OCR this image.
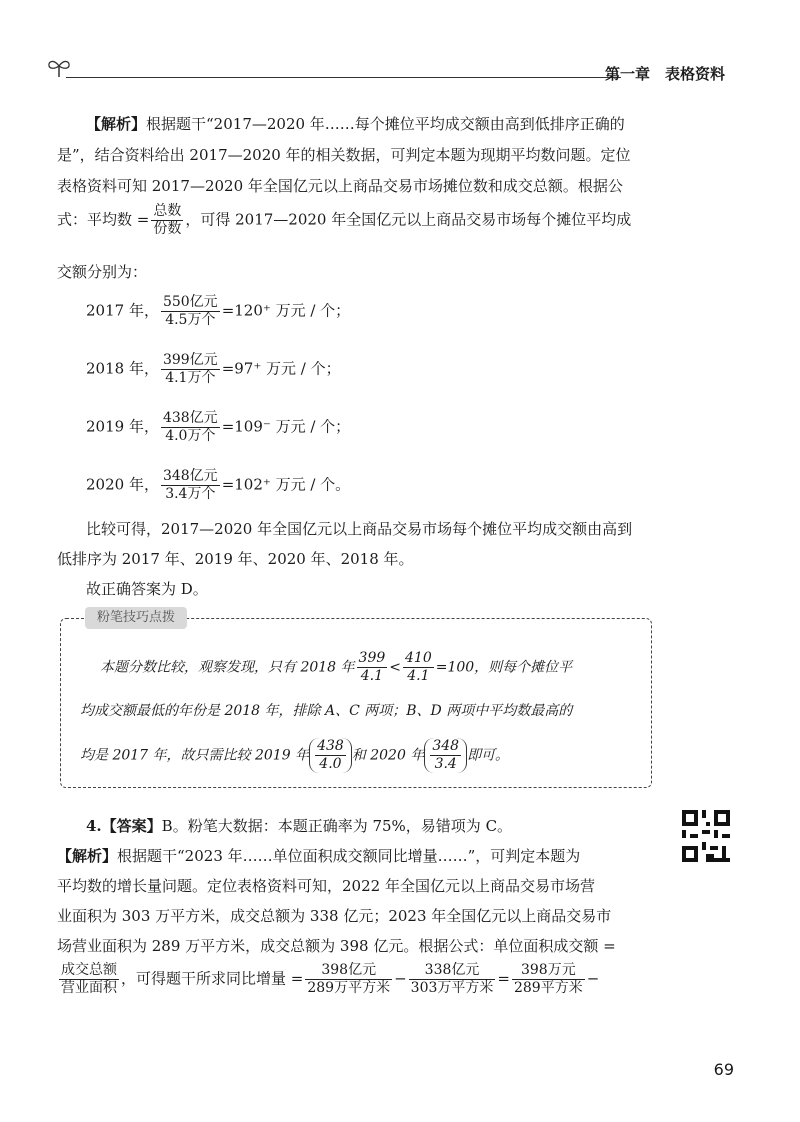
第一章　表格资料
【解析】根据题干“2017—2020 年……每个摊位平均成交额由高到低排序正确的
是”，结合资料给出 2017—2020 年的相关数据，可判定本题为现期平均数问题。定位
表格资料可知 2017—2020 年全国亿元以上商品交易市场摊位数和成交总额。根据公
式：平均数 = $\frac{\text{总数}}{\text{份数}}$ ，可得 2017—2020 年全国亿元以上商品交易市场每个摊位平均成
交额分别为：
2017 年， $\frac{\text{550亿元}}{\text{4.5万个}} =120^+$ 万元 / 个；
2018 年， $\frac{\text{399亿元}}{\text{4.1万个}} =97^+$ 万元 / 个；
2019 年， $\frac{\text{438亿元}}{\text{4.0万个}} =109^-$ 万元 / 个；
2020 年， $\frac{\text{348亿元}}{\text{3.4万个}} =102^+$ 万元 / 个。
比较可得，2017—2020 年全国亿元以上商品交易市场每个摊位平均成交额由高到
低排序为 2017 年、2019 年、2020 年、2018 年。
故正确答案为 D。
粉笔技巧点拨
本题分数比较，观察发现，只有 2018 年 $\frac{399}{4.1} < \frac{410}{4.1} =100$，则每个摊位平
均成交额最低的年份是 2018 年，排除 A、C 两项；B、D 两项中平均数最高的
均是 2017 年，故只需比较 2019 年 $\frac{438}{4.0}$ 和 2020 年 $\frac{348}{3.4}$ 即可。
4.【答案】B。粉笔大数据：本题正确率为 75%，易错项为 C。
【解析】根据题干“2023 年……单位面积成交额同比增量……”，可判定本题为
平均数的增长量问题。定位表格资料可知，2022 年全国亿元以上商品交易市场营
业面积为 303 万平方米，成交总额为 338 亿元；2023 年全国亿元以上商品交易市
场营业面积为 289 万平方米，成交总额为 398 亿元。根据公式：单位面积成交额 =
$\frac{\text{成交总额}}{\text{营业面积}}$ ，可得题干所求同比增量 = $\frac{\text{398亿元}}{\text{289万平方米}} - \frac{\text{338亿元}}{\text{303万平方米}} = \frac{\text{398万元}}{\text{289平方米}}$ −
69
